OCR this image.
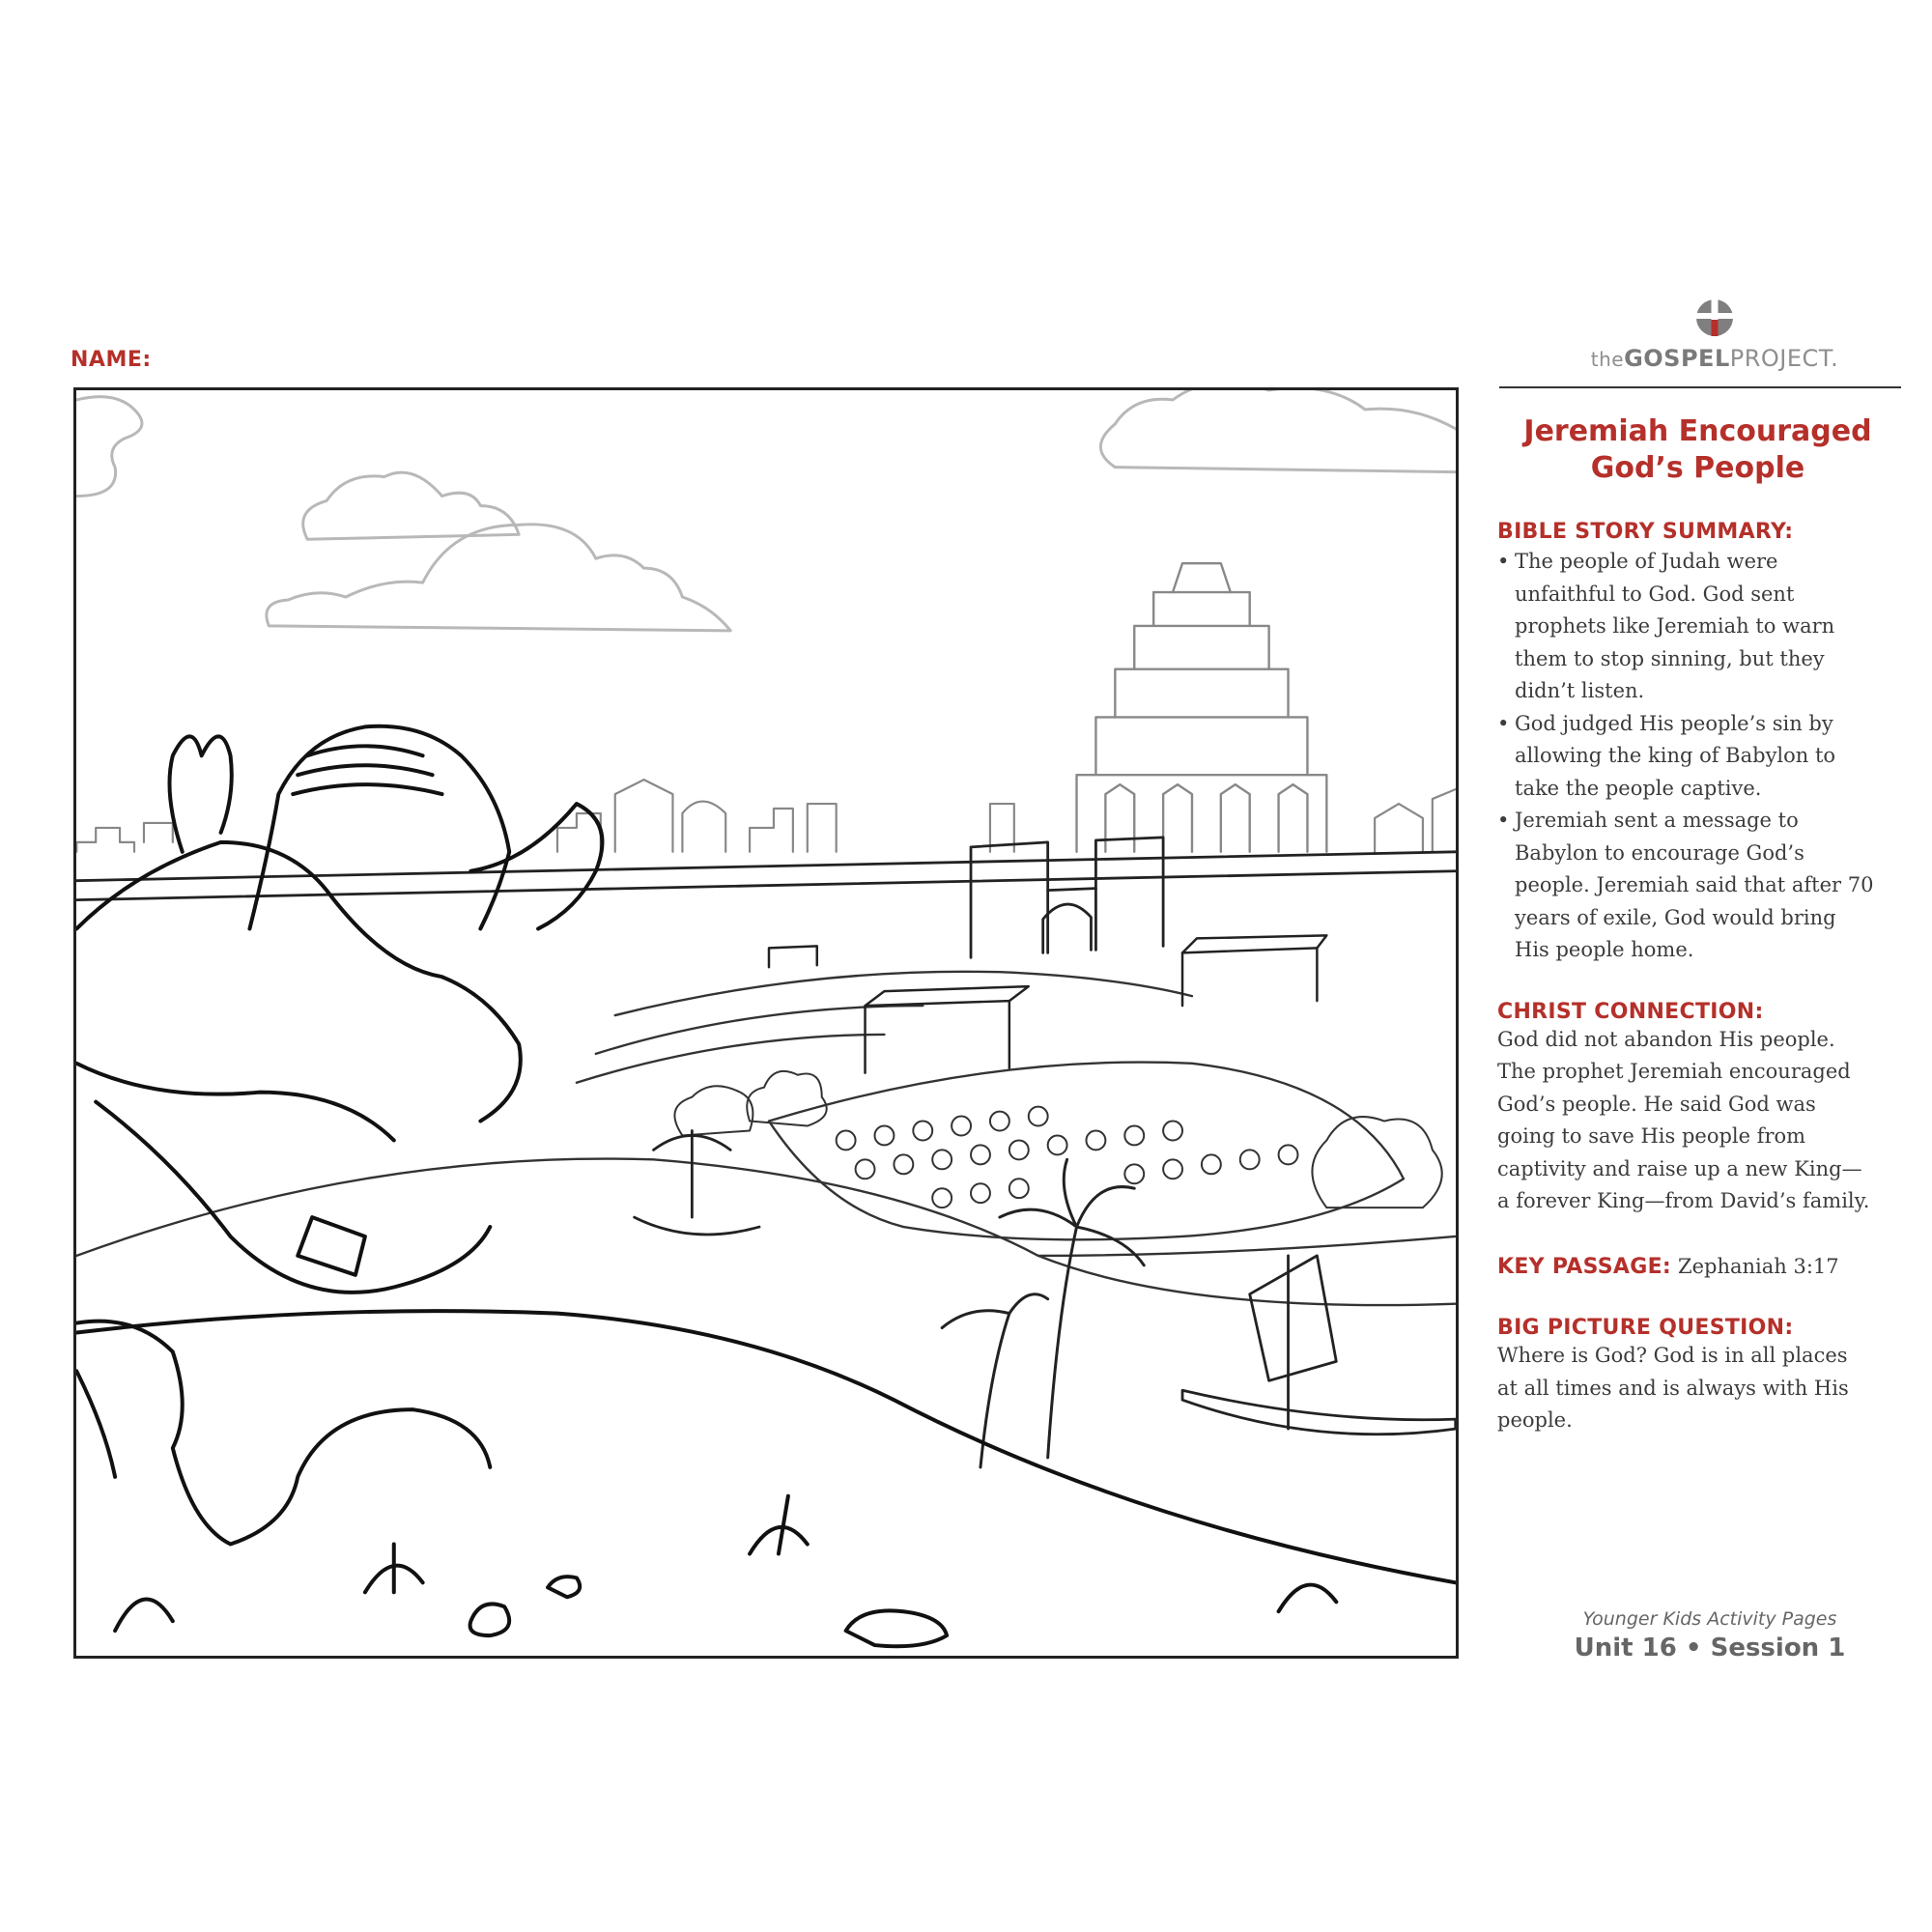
NAME:	theGOSPELPROJECT.
Jeremiah Encouraged
God’s People

BIBLE STORY SUMMARY:

• The people of Judah were unfaithful to God. God sent prophets like Jeremiah to warn them to stop sinning, but they didn’t listen.
• God judged His people’s sin by allowing the king of Babylon to take the people captive.
• Jeremiah sent a message to Babylon to encourage God’s people. Jeremiah said that after 70 years of exile, God would bring His people home.

CHRIST CONNECTION:

God did not abandon His people. The prophet Jeremiah encouraged God’s people. He said God was going to save His people from captivity and raise up a new King—a forever King—from David’s family.
KEY PASSAGE: Zephaniah 3:17

BIG PICTURE QUESTION:

Where is God? God is in all places at all times and is always with His people.
Younger Kids Activity Pages
Unit 16 • Session 1
